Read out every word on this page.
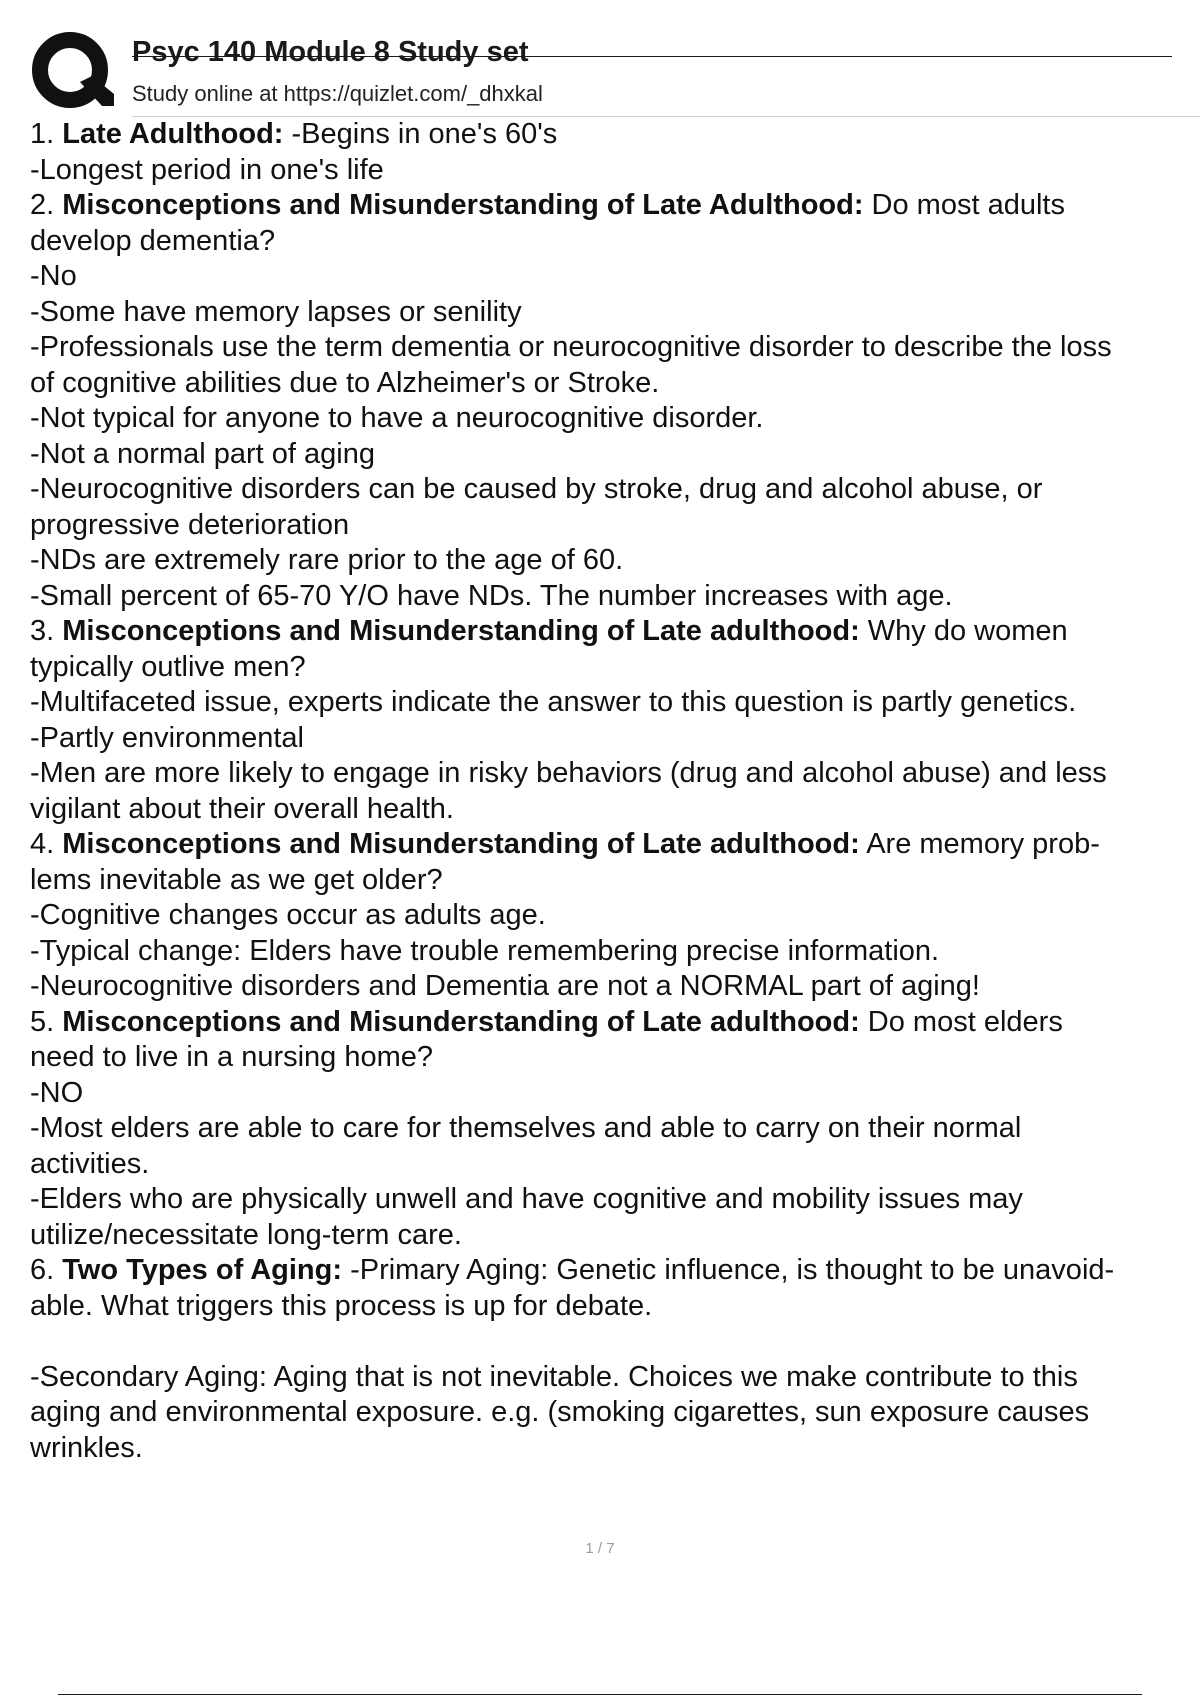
Psyc 140 Module 8 Study set
Study online at https://quizlet.com/_dhxkal
1. Late Adulthood: -Begins in one's 60's
-Longest period in one's life
2. Misconceptions and Misunderstanding of Late Adulthood: Do most adults
develop dementia?
-No
-Some have memory lapses or senility
-Professionals use the term dementia or neurocognitive disorder to describe the loss
of cognitive abilities due to Alzheimer's or Stroke.
-Not typical for anyone to have a neurocognitive disorder.
-Not a normal part of aging
-Neurocognitive disorders can be caused by stroke, drug and alcohol abuse, or
progressive deterioration
-NDs are extremely rare prior to the age of 60.
-Small percent of 65-70 Y/O have NDs. The number increases with age.
3. Misconceptions and Misunderstanding of Late adulthood: Why do women
typically outlive men?
-Multifaceted issue, experts indicate the answer to this question is partly genetics.
-Partly environmental
-Men are more likely to engage in risky behaviors (drug and alcohol abuse) and less
vigilant about their overall health.
4. Misconceptions and Misunderstanding of Late adulthood: Are memory prob-
lems inevitable as we get older?
-Cognitive changes occur as adults age.
-Typical change: Elders have trouble remembering precise information.
-Neurocognitive disorders and Dementia are not a NORMAL part of aging!
5. Misconceptions and Misunderstanding of Late adulthood: Do most elders
need to live in a nursing home?
-NO
-Most elders are able to care for themselves and able to carry on their normal
activities.
-Elders who are physically unwell and have cognitive and mobility issues may
utilize/necessitate long-term care.
6. Two Types of Aging: -Primary Aging: Genetic influence, is thought to be unavoid-
able. What triggers this process is up for debate.
-Secondary Aging: Aging that is not inevitable. Choices we make contribute to this
aging and environmental exposure. e.g. (smoking cigarettes, sun exposure causes
wrinkles.
1 / 7
